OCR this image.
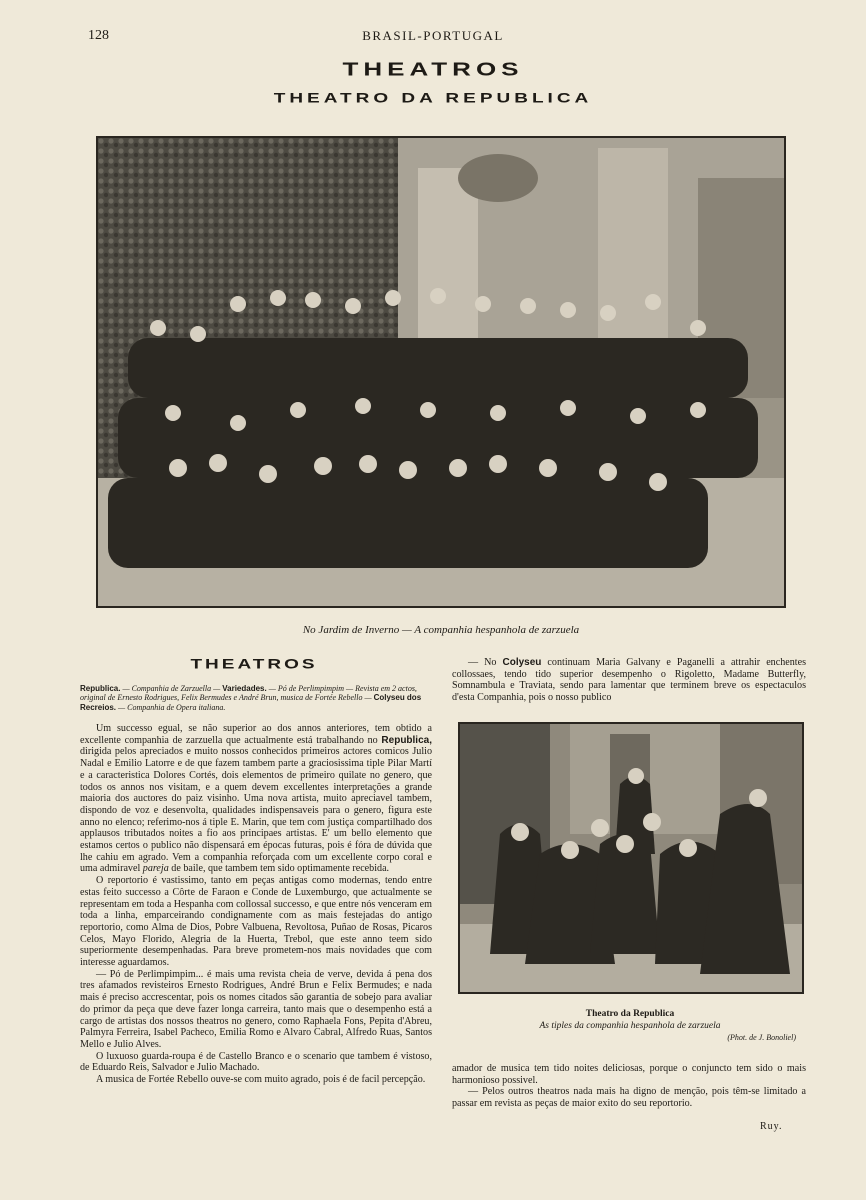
128	BRASIL-PORTUGAL
THEATROS
THEATRO DA REPUBLICA
No Jardim de Inverno — A companhia hespanhola de zarzuela
THEATROS
Republica. — Companhia de Zarzuella — Variedades. — Pó de Perlimpimpim — Revista em 2 actos, original de Ernesto Rodrigues, Felix Bermudes e André Brun, musica de Fortée Rebello — Colyseu dos Recreios. — Companhia de Opera italiana.

Um successo egual, se não superior ao dos annos anteriores, tem obtido a excellente companhia de zarzuella que actualmente está trabalhando no Republica, dirigida pelos apreciados e muito nossos conhecidos primeiros actores comicos Julio Nadal e Emilio Latorre e de que fazem tambem parte a graciosissima tiple Pilar Martí e a caracteristica Dolores Cortés, dois elementos de primeiro quilate no genero, que todos os annos nos visitam, e a quem devem excellentes interpretações a grande maioria dos auctores do paiz visinho. Uma nova artista, muito apreciavel tambem, dispondo de voz e desenvolta, qualidades indispensaveis para o genero, figura este anno no elenco; referimo-nos á tiple E. Marin, que tem com justiça compartilhado dos applausos tributados noites a fio aos principaes artistas. E' um bello elemento que estamos certos o publico não dispensará em épocas futuras, pois é fóra de dúvida que lhe cahiu em agrado. Vem a companhia reforçada com um excellente corpo coral e uma admiravel pareja de baile, que tambem tem sido optimamente recebida.

O reportorio é vastissimo, tanto em peças antigas como modernas, tendo entre estas feito successo a Côrte de Faraon e Conde de Luxemburgo, que actualmente se representam em toda a Hespanha com collossal successo, e que entre nós venceram em toda a linha, emparceirando condignamente com as mais festejadas do antigo reportorio, como Alma de Dios, Pobre Valbuena, Revoltosa, Puñao de Rosas, Picaros Celos, Mayo Florido, Alegria de la Huerta, Trebol, que este anno teem sido superiormente desempenhadas. Para breve prometem-nos mais novidades que com interesse aguardamos.

— Pó de Perlimpimpim... é mais uma revista cheia de verve, devida á pena dos tres afamados revisteiros Ernesto Rodrigues, André Brun e Felix Bermudes; e nada mais é preciso accrescentar, pois os nomes citados são garantia de sobejo para avaliar do primor da peça que deve fazer longa carreira, tanto mais que o desempenho está a cargo de artistas dos nossos theatros no genero, como Raphaela Fons, Pepita d'Abreu, Palmyra Ferreira, Isabel Pacheco, Emilia Romo e Alvaro Cabral, Alfredo Ruas, Santos Mello e Julio Alves.

O luxuoso guarda-roupa é de Castello Branco e o scenario que tambem é vistoso, de Eduardo Reis, Salvador e Julio Machado.

A musica de Fortée Rebello ouve-se com muito agrado, pois é de facil percepção.

— No Colyseu continuam Maria Galvany e Paganelli a attrahir enchentes collossaes, tendo tido superior desempenho o Rigoletto, Madame Butterfly, Somnambula e Traviata, sendo para lamentar que terminem breve os espectaculos d'esta Companhia, pois o nosso publico

Theatro da Republica
As tiples da companhia hespanhola de zarzuela
(Phot. de J. Bonoliel)

amador de musica tem tido noites deliciosas, porque o conjuncto tem sido o mais harmonioso possivel.

— Pelos outros theatros nada mais ha digno de menção, pois têm-se limitado a passar em revista as peças de maior exito do seu reportorio.

Ruy.
